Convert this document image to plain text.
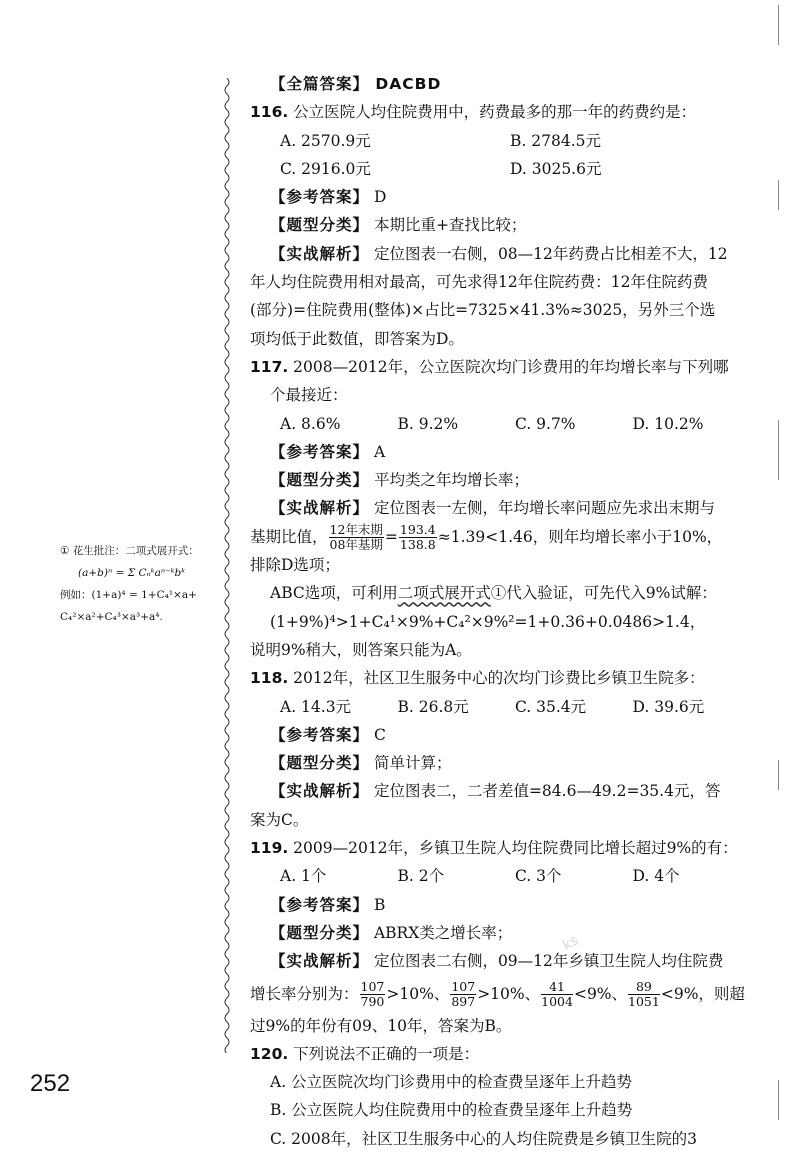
① 花生批注：二项式展开式：
(a+b)ⁿ = Σ Cₙᵏaⁿ⁻ᵏbᵏ
例如：(1+a)⁴ = 1+C₄¹×a+
C₄²×a²+C₄³×a³+a⁴.
【全篇答案】 DACBD
116. 公立医院人均住院费用中，药费最多的那一年的药费约是：
A. 2570.9元	B. 2784.5元
C. 2916.0元	D. 3025.6元
【参考答案】 D
【题型分类】 本期比重+查找比较；
【实战解析】 定位图表一右侧，08—12年药费占比相差不大，12
年人均住院费用相对最高，可先求得12年住院药费：12年住院药费
(部分)=住院费用(整体)×占比=7325×41.3%≈3025，另外三个选
项均低于此数值，即答案为D。
117. 2008—2012年，公立医院次均门诊费用的年均增长率与下列哪
个最接近：
A. 8.6%	B. 9.2%	C. 9.7%	D. 10.2%
【参考答案】 A
【题型分类】 平均类之年均增长率；
【实战解析】 定位图表一左侧，年均增长率问题应先求出末期与
基期比值， $\frac{\text{12年末期}}{\text{08年基期}} = \frac{193.4}{138.8} \approx 1.39<1.46$，则年均增长率小于10%，
排除D选项；
ABC选项，可利用二项式展开式①代入验证，可先代入9%试解：
(1+9%)⁴>1+C₄¹×9%+C₄²×9%²=1+0.36+0.0486>1.4，
说明9%稍大，则答案只能为A。
118. 2012年，社区卫生服务中心的次均门诊费比乡镇卫生院多：
A. 14.3元	B. 26.8元	C. 35.4元	D. 39.6元
【参考答案】 C
【题型分类】 简单计算；
【实战解析】 定位图表二，二者差值=84.6—49.2=35.4元，答
案为C。
119. 2009—2012年，乡镇卫生院人均住院费同比增长超过9%的有：
A. 1个	B. 2个	C. 3个	D. 4个
【参考答案】 B
【题型分类】 ABRX类之增长率；
【实战解析】 定位图表二右侧，09—12年乡镇卫生院人均住院费
增长率分别为： $\frac{107}{790} >10\%$、 $\frac{107}{897} >10\%$、 $\frac{41}{1004} <9\%$、 $\frac{89}{1051} <9\%$，则超
过9%的年份有09、10年，答案为B。
120. 下列说法不正确的一项是：
A. 公立医院次均门诊费用中的检查费呈逐年上升趋势
B. 公立医院人均住院费用中的检查费呈逐年上升趋势
C. 2008年，社区卫生服务中心的人均住院费是乡镇卫生院的3
252
ks
